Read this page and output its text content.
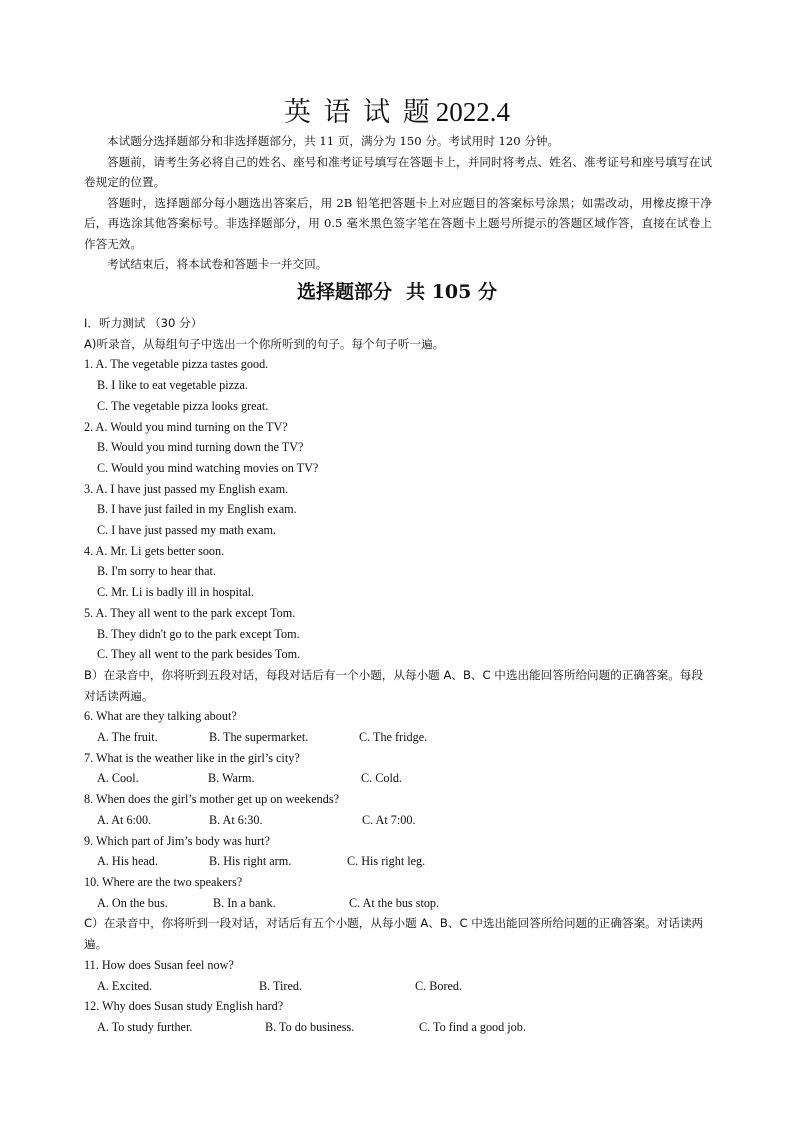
英 语 试 题 2022.4

本试题分选择题部分和非选择题部分，共 11 页，满分为 150 分。考试用时 120 分钟。

答题前，请考生务必将自己的姓名、座号和准考证号填写在答题卡上，并同时将考点、姓名、准考证号和座号填写在试卷规定的位置。

答题时，选择题部分每小题选出答案后，用 2B 铅笔把答题卡上对应题目的答案标号涂黑；如需改动，用橡皮擦干净后，再选涂其他答案标号。非选择题部分，用 0.5 毫米黑色签字笔在答题卡上题号所提示的答题区域作答，直接在试卷上作答无效。

考试结束后，将本试卷和答题卡一并交回。

选择题部分 共 105 分
I．听力测试 （30 分）
A)听录音，从每组句子中选出一个你所听到的句子。每个句子听一遍。
1. A. The vegetable pizza tastes good.
B. I like to eat vegetable pizza.
C. The vegetable pizza looks great.
2. A. Would you mind turning on the TV?
B. Would you mind turning down the TV?
C. Would you mind watching movies on TV?
3. A. I have just passed my English exam.
B. I have just failed in my English exam.
C. I have just passed my math exam.
4. A. Mr. Li gets better soon.
B. I'm sorry to hear that.
C. Mr. Li is badly ill in hospital.
5. A. They all went to the park except Tom.
B. They didn't go to the park except Tom.
C. They all went to the park besides Tom.
B）在录音中，你将听到五段对话，每段对话后有一个小题，从每小题 A、B、C 中选出能回答所给问题的正确答案。每段对话读两遍。
6. What are they talking about?
A. The fruit.	B. The supermarket.	C. The fridge.
7. What is the weather like in the girl’s city?
A. Cool.	B. Warm.	C. Cold.
8. When does the girl’s mother get up on weekends?
A. At 6:00.	B. At 6:30.	C. At 7:00.
9. Which part of Jim’s body was hurt?
A. His head.	B. His right arm.	C. His right leg.
10. Where are the two speakers?
A. On the bus.	B. In a bank.	C. At the bus stop.
C）在录音中，你将听到一段对话，对话后有五个小题，从每小题 A、B、C 中选出能回答所给问题的正确答案。对话读两遍。
11. How does Susan feel now?
A. Excited.	B. Tired.	C. Bored.
12. Why does Susan study English hard?
A. To study further.	B. To do business.	C. To find a good job.
